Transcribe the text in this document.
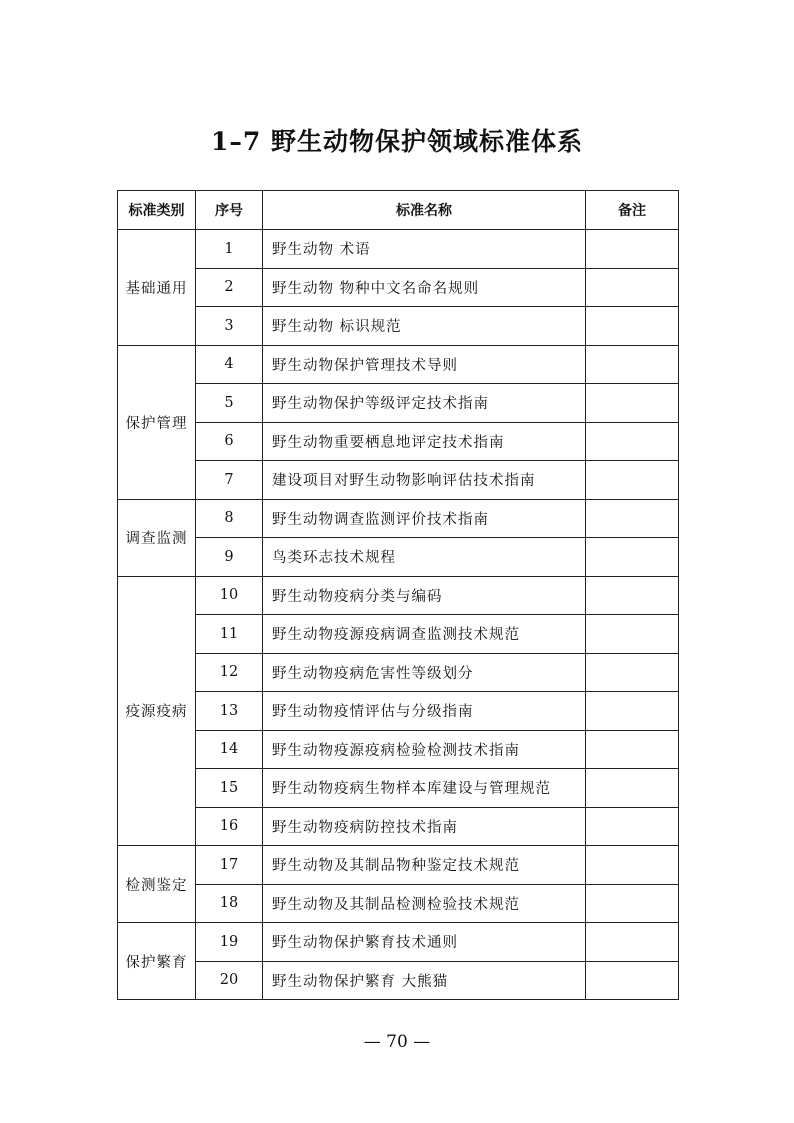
1–7 野生动物保护领域标准体系
标准类别	序号	标准名称	备注
基础通用	1	野生动物 术语	
	2	野生动物 物种中文名命名规则	
	3	野生动物 标识规范	
保护管理	4	野生动物保护管理技术导则	
	5	野生动物保护等级评定技术指南	
	6	野生动物重要栖息地评定技术指南	
	7	建设项目对野生动物影响评估技术指南	
调查监测	8	野生动物调查监测评价技术指南	
	9	鸟类环志技术规程	
疫源疫病	10	野生动物疫病分类与编码	
	11	野生动物疫源疫病调查监测技术规范	
	12	野生动物疫病危害性等级划分	
	13	野生动物疫情评估与分级指南	
	14	野生动物疫源疫病检验检测技术指南	
	15	野生动物疫病生物样本库建设与管理规范	
	16	野生动物疫病防控技术指南	
检测鉴定	17	野生动物及其制品物种鉴定技术规范	
	18	野生动物及其制品检测检验技术规范	
保护繁育	19	野生动物保护繁育技术通则	
	20	野生动物保护繁育 大熊猫	
— 70 —
